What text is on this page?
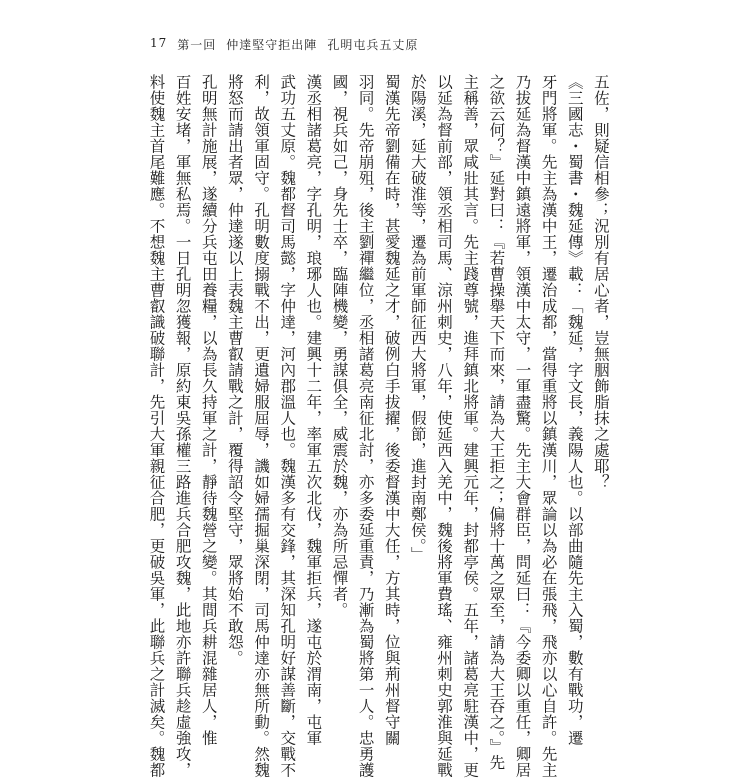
17 第一回 仲達堅守拒出陣 孔明屯兵五丈原
五佐，則疑信相參；況別有居心者，豈無胭飾脂抹之處耶？
《三國志・蜀書・魏延傳》載：「魏延，字文長，義陽人也。以部曲隨先主入蜀，數有戰功，遷
牙門將軍。先主為漢中王，遷治成都，當得重將以鎮漢川，眾論以為必在張飛，飛亦以心自許。先主
乃拔延為督漢中鎮遠將軍，領漢中太守，一軍盡驚。先主大會群臣，問延曰：『今委卿以重任，卿居
之欲云何？』延對曰：『若曹操舉天下而來，請為大王拒之；偏將十萬之眾至，請為大王吞之。』先
主稱善，眾咸壯其言。先主踐尊號，進拜鎮北將軍。建興元年，封都亭侯。五年，諸葛亮駐漢中，更
以延為督前部，領丞相司馬、涼州刺史，八年，使延西入羌中，魏後將軍費瑤、雍州刺史郭淮與延戰
於陽溪，延大破淮等，遷為前軍師征西大將軍，假節，進封南鄭侯。」
蜀漢先帝劉備在時，甚愛魏延之才，破例白手拔擢，後委督漢中大任，方其時，位與荊州督守關
羽同。先帝崩殂，後主劉禪繼位，丞相諸葛亮南征北討，亦多委延重責，乃漸為蜀將第一人。忠勇護
國，視兵如己，身先士卒，臨陣機變，勇謀俱全，威震於魏，亦為所忌憚者。
漢丞相諸葛亮，字孔明，琅琊人也。建興十二年，率軍五次北伐，魏軍拒兵，遂屯於渭南，屯軍
武功五丈原。魏都督司馬懿，字仲達，河內郡溫人也。魏漢多有交鋒，其深知孔明好謀善斷，交戰不
利，故領軍固守。孔明數度搦戰不出，更遺婦服屈辱，譏如婦孺掘巢深閉，司馬仲達亦無所動。然魏
將怒而請出者眾，仲達遂以上表魏主曹叡請戰之計，覆得詔令堅守，眾將始不敢怨。
孔明無計施展，遂續分兵屯田養糧，以為長久持軍之計，靜待魏營之變。其間兵耕混雜居人，惟
百姓安堵，軍無私焉。一日孔明忽獲報，原約東吳孫權三路進兵合肥攻魏，此地亦許聯兵趁虛強攻，
料使魏主首尾難應。不想魏主曹叡識破聯計，先引大軍親征合肥，更破吳軍，此聯兵之計滅矣。魏都
